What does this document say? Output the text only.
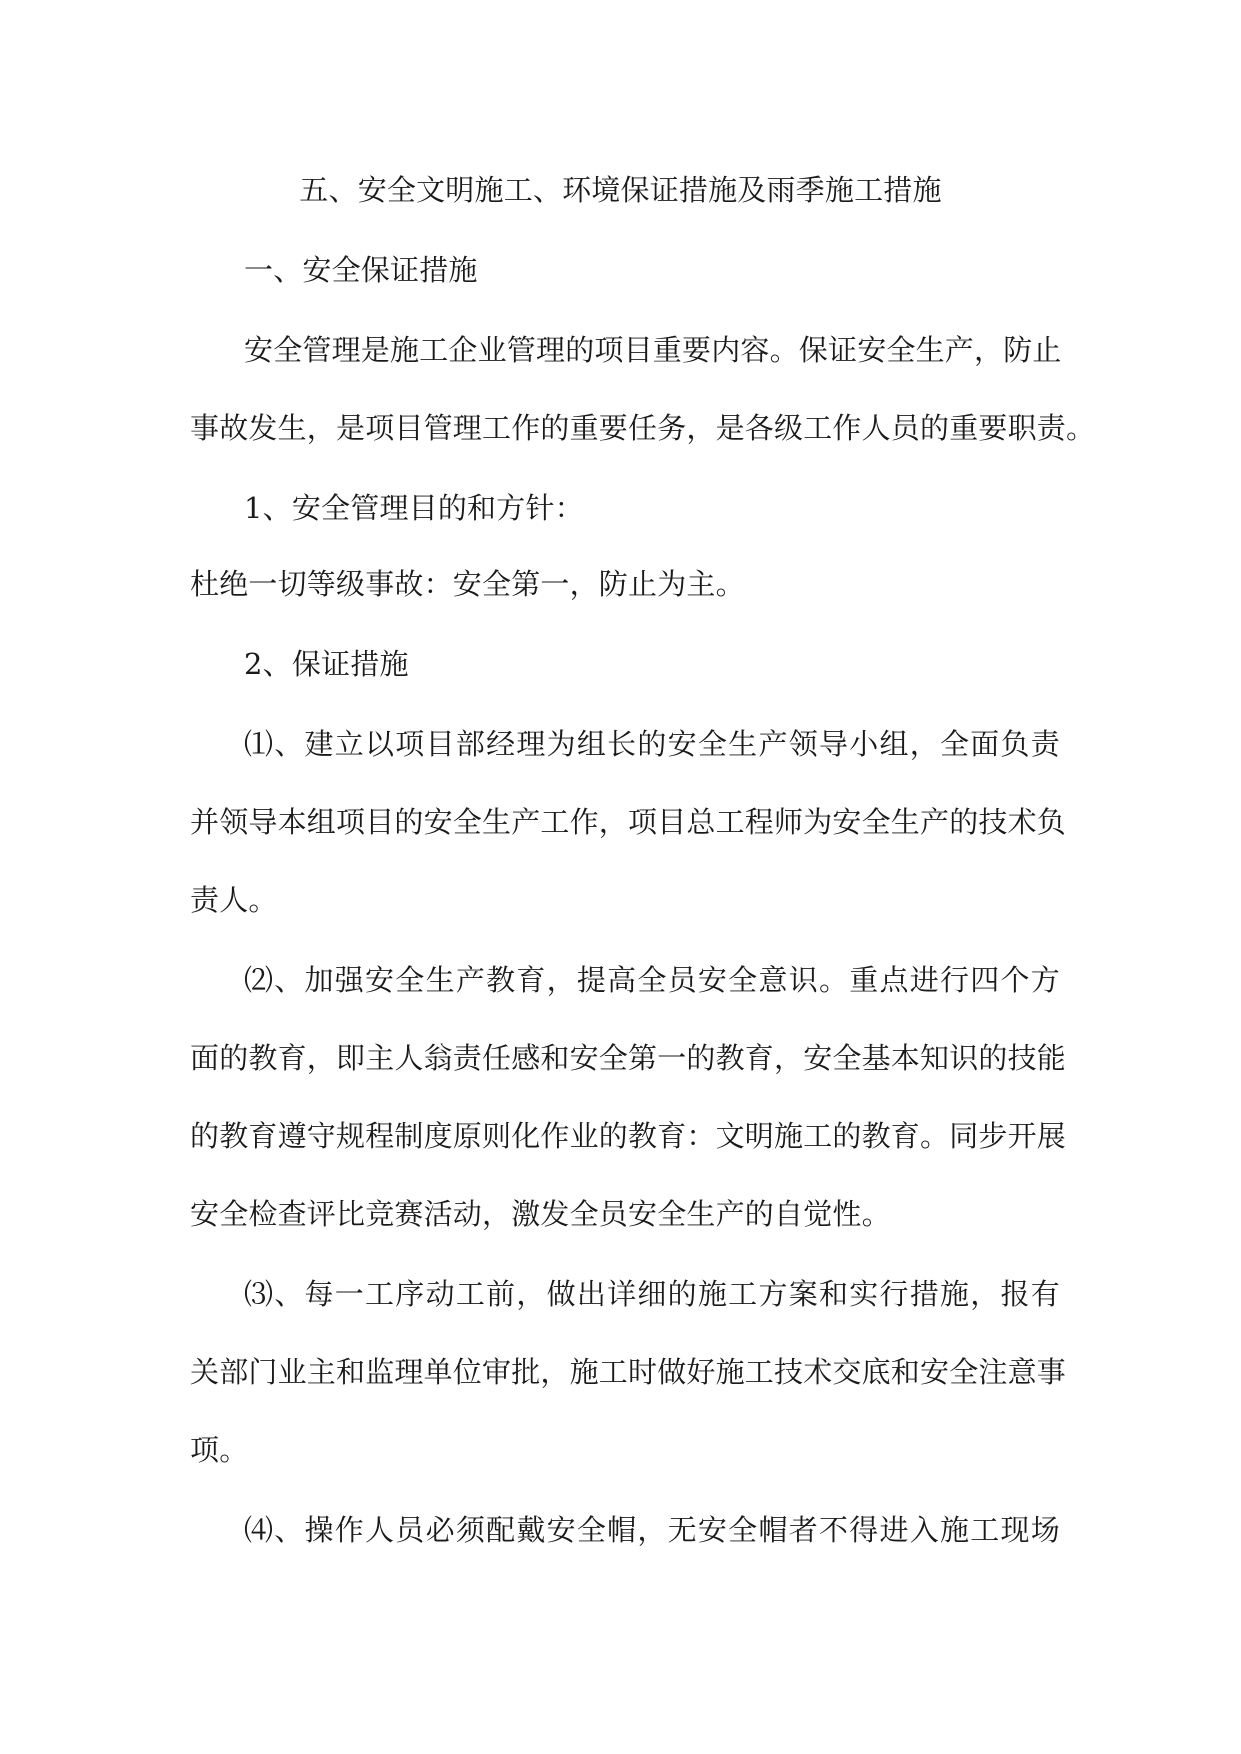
五、安全文明施工、环境保证措施及雨季施工措施
一、安全保证措施
安全管理是施工企业管理的项目重要内容。保证安全生产，防止
事故发生，是项目管理工作的重要任务，是各级工作人员的重要职责。
1、安全管理目的和方针：
杜绝一切等级事故：安全第一，防止为主。
2、保证措施
⑴、建立以项目部经理为组长的安全生产领导小组，全面负责
并领导本组项目的安全生产工作，项目总工程师为安全生产的技术负
责人。
⑵、加强安全生产教育，提高全员安全意识。重点进行四个方
面的教育，即主人翁责任感和安全第一的教育，安全基本知识的技能
的教育遵守规程制度原则化作业的教育：文明施工的教育。同步开展
安全检查评比竞赛活动，激发全员安全生产的自觉性。
⑶、每一工序动工前，做出详细的施工方案和实行措施，报有
关部门业主和监理单位审批，施工时做好施工技术交底和安全注意事
项。
⑷、操作人员必须配戴安全帽，无安全帽者不得进入施工现场
